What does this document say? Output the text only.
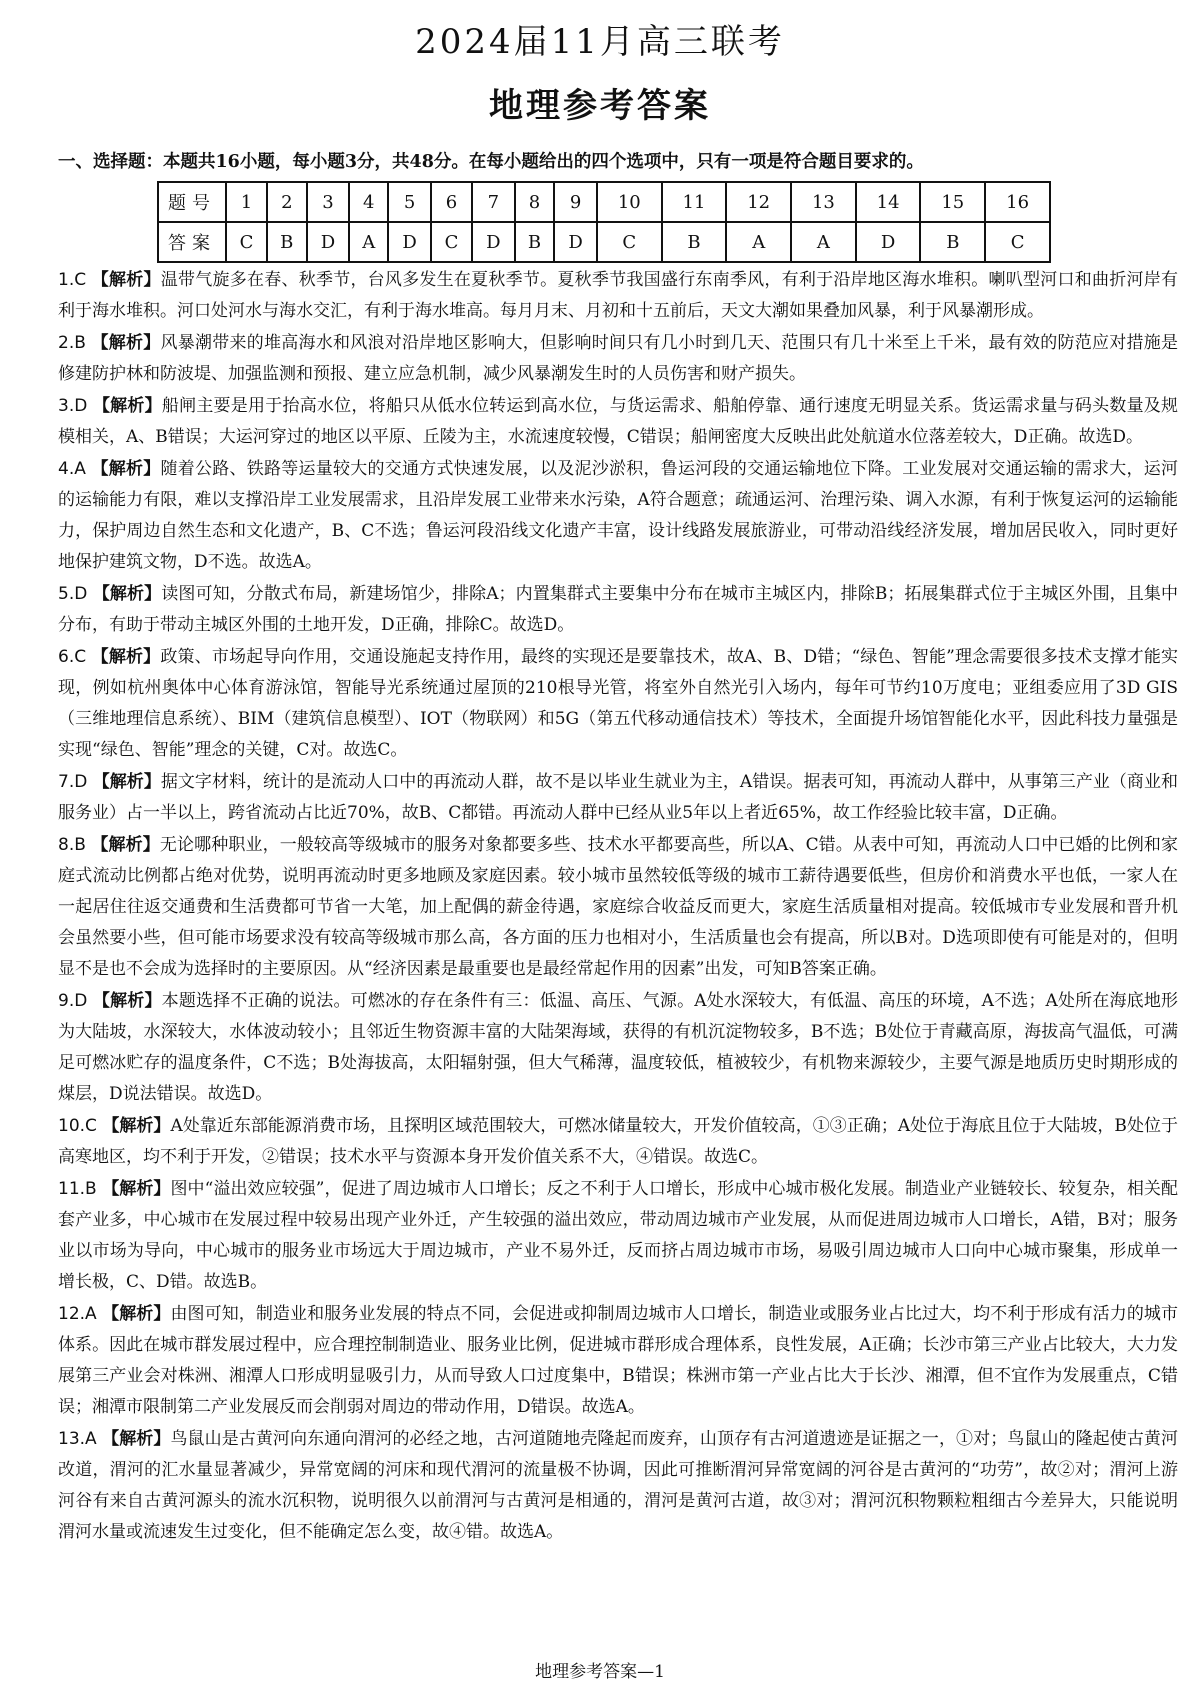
2024届11月高三联考
地理参考答案
一、选择题：本题共16小题，每小题3分，共48分。在每小题给出的四个选项中，只有一项是符合题目要求的。
题号	1	2	3	4	5	6	7	8	9	10	11	12	13	14	15	16
答案	C	B	D	A	D	C	D	B	D	C	B	A	A	D	B	C

1.C 【解析】温带气旋多在春、秋季节，台风多发生在夏秋季节。夏秋季节我国盛行东南季风，有利于沿岸地区海水堆积。喇叭型河口和曲折河岸有利于海水堆积。河口处河水与海水交汇，有利于海水堆高。每月月末、月初和十五前后，天文大潮如果叠加风暴，利于风暴潮形成。

2.B 【解析】风暴潮带来的堆高海水和风浪对沿岸地区影响大，但影响时间只有几小时到几天、范围只有几十米至上千米，最有效的防范应对措施是修建防护林和防波堤、加强监测和预报、建立应急机制，减少风暴潮发生时的人员伤害和财产损失。

3.D 【解析】船闸主要是用于抬高水位，将船只从低水位转运到高水位，与货运需求、船舶停靠、通行速度无明显关系。货运需求量与码头数量及规模相关，A、B错误；大运河穿过的地区以平原、丘陵为主，水流速度较慢，C错误；船闸密度大反映出此处航道水位落差较大，D正确。故选D。

4.A 【解析】随着公路、铁路等运量较大的交通方式快速发展，以及泥沙淤积，鲁运河段的交通运输地位下降。工业发展对交通运输的需求大，运河的运输能力有限，难以支撑沿岸工业发展需求，且沿岸发展工业带来水污染，A符合题意；疏通运河、治理污染、调入水源，有利于恢复运河的运输能力，保护周边自然生态和文化遗产，B、C不选；鲁运河段沿线文化遗产丰富，设计线路发展旅游业，可带动沿线经济发展，增加居民收入，同时更好地保护建筑文物，D不选。故选A。

5.D 【解析】读图可知，分散式布局，新建场馆少，排除A；内置集群式主要集中分布在城市主城区内，排除B；拓展集群式位于主城区外围，且集中分布，有助于带动主城区外围的土地开发，D正确，排除C。故选D。

6.C 【解析】政策、市场起导向作用，交通设施起支持作用，最终的实现还是要靠技术，故A、B、D错；“绿色、智能”理念需要很多技术支撑才能实现，例如杭州奥体中心体育游泳馆，智能导光系统通过屋顶的210根导光管，将室外自然光引入场内，每年可节约10万度电；亚组委应用了3D GIS（三维地理信息系统）、BIM（建筑信息模型）、IOT（物联网）和5G（第五代移动通信技术）等技术，全面提升场馆智能化水平，因此科技力量强是实现“绿色、智能”理念的关键，C对。故选C。

7.D 【解析】据文字材料，统计的是流动人口中的再流动人群，故不是以毕业生就业为主，A错误。据表可知，再流动人群中，从事第三产业（商业和服务业）占一半以上，跨省流动占比近70%，故B、C都错。再流动人群中已经从业5年以上者近65%，故工作经验比较丰富，D正确。

8.B 【解析】无论哪种职业，一般较高等级城市的服务对象都要多些、技术水平都要高些，所以A、C错。从表中可知，再流动人口中已婚的比例和家庭式流动比例都占绝对优势，说明再流动时更多地顾及家庭因素。较小城市虽然较低等级的城市工薪待遇要低些，但房价和消费水平也低，一家人在一起居住往返交通费和生活费都可节省一大笔，加上配偶的薪金待遇，家庭综合收益反而更大，家庭生活质量相对提高。较低城市专业发展和晋升机会虽然要小些，但可能市场要求没有较高等级城市那么高，各方面的压力也相对小，生活质量也会有提高，所以B对。D选项即使有可能是对的，但明显不是也不会成为选择时的主要原因。从“经济因素是最重要也是最经常起作用的因素”出发，可知B答案正确。

9.D 【解析】本题选择不正确的说法。可燃冰的存在条件有三：低温、高压、气源。A处水深较大，有低温、高压的环境，A不选；A处所在海底地形为大陆坡，水深较大，水体波动较小；且邻近生物资源丰富的大陆架海域，获得的有机沉淀物较多，B不选；B处位于青藏高原，海拔高气温低，可满足可燃冰贮存的温度条件，C不选；B处海拔高，太阳辐射强，但大气稀薄，温度较低，植被较少，有机物来源较少，主要气源是地质历史时期形成的煤层，D说法错误。故选D。

10.C 【解析】A处靠近东部能源消费市场，且探明区域范围较大，可燃冰储量较大，开发价值较高，①③正确；A处位于海底且位于大陆坡，B处位于高寒地区，均不利于开发，②错误；技术水平与资源本身开发价值关系不大，④错误。故选C。

11.B 【解析】图中“溢出效应较强”，促进了周边城市人口增长；反之不利于人口增长，形成中心城市极化发展。制造业产业链较长、较复杂，相关配套产业多，中心城市在发展过程中较易出现产业外迁，产生较强的溢出效应，带动周边城市产业发展，从而促进周边城市人口增长，A错，B对；服务业以市场为导向，中心城市的服务业市场远大于周边城市，产业不易外迁，反而挤占周边城市市场，易吸引周边城市人口向中心城市聚集，形成单一增长极，C、D错。故选B。

12.A 【解析】由图可知，制造业和服务业发展的特点不同，会促进或抑制周边城市人口增长，制造业或服务业占比过大，均不利于形成有活力的城市体系。因此在城市群发展过程中，应合理控制制造业、服务业比例，促进城市群形成合理体系，良性发展，A正确；长沙市第三产业占比较大，大力发展第三产业会对株洲、湘潭人口形成明显吸引力，从而导致人口过度集中，B错误；株洲市第一产业占比大于长沙、湘潭，但不宜作为发展重点，C错误；湘潭市限制第二产业发展反而会削弱对周边的带动作用，D错误。故选A。

13.A 【解析】鸟鼠山是古黄河向东通向渭河的必经之地，古河道随地壳隆起而废弃，山顶存有古河道遗迹是证据之一，①对；鸟鼠山的隆起使古黄河改道，渭河的汇水量显著减少，异常宽阔的河床和现代渭河的流量极不协调，因此可推断渭河异常宽阔的河谷是古黄河的“功劳”，故②对；渭河上游河谷有来自古黄河源头的流水沉积物，说明很久以前渭河与古黄河是相通的，渭河是黄河古道，故③对；渭河沉积物颗粒粗细古今差异大，只能说明渭河水量或流速发生过变化，但不能确定怎么变，故④错。故选A。

地理参考答案—1
